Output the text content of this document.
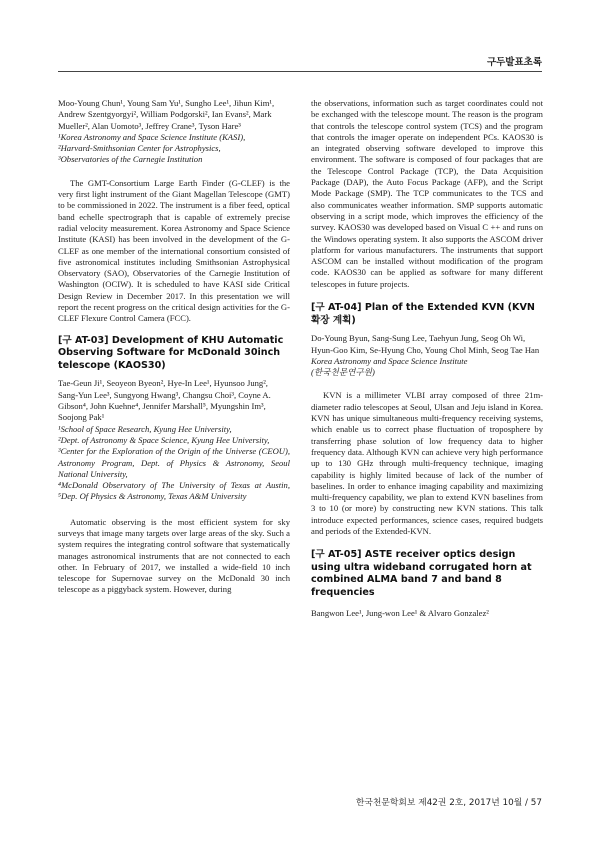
구두발표초록

Moo-Young Chun¹, Young Sam Yu¹, Sungho Lee¹, Jihun Kim¹, Andrew Szentgyorgyi², William Podgorski², Ian Evans², Mark Mueller², Alan Uomoto³, Jeffrey Crane³, Tyson Hare³

¹Korea Astronomy and Space Science Institute (KASI),

²Harvard-Smithsonian Center for Astrophysics,

³Observatories of the Carnegie Institution

The GMT-Consortium Large Earth Finder (G-CLEF) is the very first light instrument of the Giant Magellan Telescope (GMT) to be commissioned in 2022. The instrument is a fiber feed, optical band echelle spectrograph that is capable of extremely precise radial velocity measurement. Korea Astronomy and Space Science Institute (KASI) has been involved in the development of the G-CLEF as one member of the international consortium consisted of five astronomical institutes including Smithsonian Astrophysical Observatory (SAO), Observatories of the Carnegie Institution of Washington (OCIW). It is scheduled to have KASI side Critical Design Review in December 2017. In this presentation we will report the recent progress on the critical design activities for the G-CLEF Flexure Control Camera (FCC).

[구 AT-03] Development of KHU Automatic Observing Software for McDonald 30inch telescope (KAOS30)

Tae-Geun Ji¹, Seoyeon Byeon², Hye-In Lee¹, Hyunsoo Jung², Sang-Yun Lee³, Sungyong Hwang³, Changsu Choi³, Coyne A. Gibson⁴, John Kuehne⁴, Jennifer Marshall⁵, Myungshin Im³, Soojong Pak¹

¹School of Space Research, Kyung Hee University,

²Dept. of Astronomy & Space Science, Kyung Hee University,

³Center for the Exploration of the Origin of the Universe (CEOU), Astronomy Program, Dept. of Physics & Astronomy, Seoul National University,

⁴McDonald Observatory of The University of Texas at Austin, ⁵Dep. Of Physics & Astronomy, Texas A&M University

Automatic observing is the most efficient system for sky surveys that image many targets over large areas of the sky. Such a system requires the integrating control software that systematically manages astronomical instruments that are not connected to each other. In February of 2017, we installed a wide-field 10 inch telescope for Supernovae survey on the McDonald 30 inch telescope as a piggyback system. However, during

the observations, information such as target coordinates could not be exchanged with the telescope mount. The reason is the program that controls the telescope control system (TCS) and the program that controls the imager operate on independent PCs. KAOS30 is an integrated observing software developed to improve this environment. The software is composed of four packages that are the Telescope Control Package (TCP), the Data Acquisition Package (DAP), the Auto Focus Package (AFP), and the Script Mode Package (SMP). The TCP communicates to the TCS and also communicates weather information. SMP supports automatic observing in a script mode, which improves the efficiency of the survey. KAOS30 was developed based on Visual C ++ and runs on the Windows operating system. It also supports the ASCOM driver platform for various manufacturers. The instruments that support ASCOM can be installed without modification of the program code. KAOS30 can be applied as software for many different telescopes in future projects.

[구 AT-04] Plan of the Extended KVN (KVN 확장 계획)

Do-Young Byun, Sang-Sung Lee, Taehyun Jung, Seog Oh Wi, Hyun-Goo Kim, Se-Hyung Cho, Young Chol Minh, Seog Tae Han

Korea Astronomy and Space Science Institute

(한국천문연구원)

KVN is a millimeter VLBI array composed of three 21m-diameter radio telescopes at Seoul, Ulsan and Jeju island in Korea. KVN has unique simultaneous multi-frequency receiving systems, which enable us to correct phase fluctuation of troposphere by transferring phase solution of low frequency data to higher frequency data. Although KVN can achieve very high performance up to 130 GHz through multi-frequency technique, imaging capability is highly limited because of lack of the number of baselines. In order to enhance imaging capability and maximizing multi-frequency capability, we plan to extend KVN baselines from 3 to 10 (or more) by constructing new KVN stations. This talk introduce expected performances, science cases, required budgets and periods of the Extended-KVN.

[구 AT-05] ASTE receiver optics design using ultra wideband corrugated horn at combined ALMA band 7 and band 8 frequencies

Bangwon Lee¹, Jung-won Lee¹ & Alvaro Gonzalez²

한국천문학회보 제42권 2호, 2017년 10월 / 57
